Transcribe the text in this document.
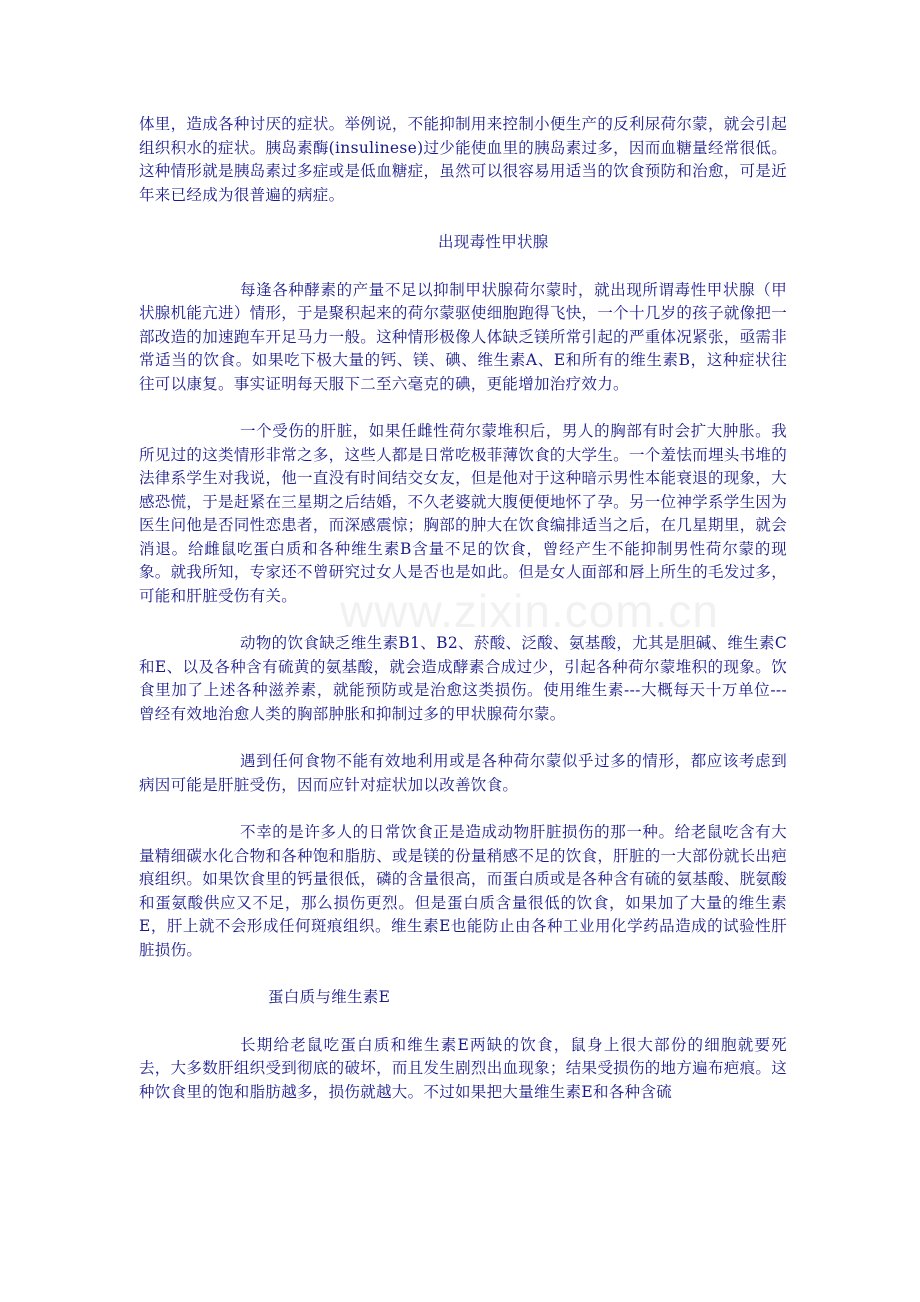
体里，造成各种讨厌的症状。举例说，不能抑制用来控制小便生产的反利尿荷尔蒙，就会引起组织积水的症状。胰岛素酶(insulinese)过少能使血里的胰岛素过多，因而血糖量经常很低。这种情形就是胰岛素过多症或是低血糖症，虽然可以很容易用适当的饮食预防和治愈，可是近年来已经成为很普遍的病症。

出现毒性甲状腺

每逢各种酵素的产量不足以抑制甲状腺荷尔蒙时，就出现所谓毒性甲状腺（甲状腺机能亢进）情形，于是聚积起来的荷尔蒙驱使细胞跑得飞快，一个十几岁的孩子就像把一部改造的加速跑车开足马力一般。这种情形极像人体缺乏镁所常引起的严重体况紧张，亟需非常适当的饮食。如果吃下极大量的钙、镁、碘、维生素A、E和所有的维生素B，这种症状往往可以康复。事实证明每天服下二至六毫克的碘，更能增加治疗效力。

一个受伤的肝脏，如果任雌性荷尔蒙堆积后，男人的胸部有时会扩大肿胀。我所见过的这类情形非常之多，这些人都是日常吃极菲薄饮食的大学生。一个羞怯而埋头书堆的法律系学生对我说，他一直没有时间结交女友，但是他对于这种暗示男性本能衰退的现象，大感恐慌，于是赶紧在三星期之后结婚，不久老婆就大腹便便地怀了孕。另一位神学系学生因为医生问他是否同性恋患者，而深感震惊；胸部的肿大在饮食编排适当之后，在几星期里，就会消退。给雌鼠吃蛋白质和各种维生素B含量不足的饮食，曾经产生不能抑制男性荷尔蒙的现象。就我所知，专家还不曾研究过女人是否也是如此。但是女人面部和唇上所生的毛发过多，可能和肝脏受伤有关。

动物的饮食缺乏维生素B1、B2、菸酸、泛酸、氨基酸，尤其是胆碱、维生素C和E、以及各种含有硫黄的氨基酸，就会造成酵素合成过少，引起各种荷尔蒙堆积的现象。饮食里加了上述各种滋养素，就能预防或是治愈这类损伤。使用维生素---大概每天十万单位---曾经有效地治愈人类的胸部肿胀和抑制过多的甲状腺荷尔蒙。

遇到任何食物不能有效地利用或是各种荷尔蒙似乎过多的情形，都应该考虑到病因可能是肝脏受伤，因而应针对症状加以改善饮食。

不幸的是许多人的日常饮食正是造成动物肝脏损伤的那一种。给老鼠吃含有大量精细碳水化合物和各种饱和脂肪、或是镁的份量稍感不足的饮食，肝脏的一大部份就长出疤痕组织。如果饮食里的钙量很低，磷的含量很高，而蛋白质或是各种含有硫的氨基酸、胱氨酸和蛋氨酸供应又不足，那么损伤更烈。但是蛋白质含量很低的饮食，如果加了大量的维生素E，肝上就不会形成任何斑痕组织。维生素E也能防止由各种工业用化学药品造成的试验性肝脏损伤。

蛋白质与维生素E

长期给老鼠吃蛋白质和维生素E两缺的饮食，鼠身上很大部份的细胞就要死去，大多数肝组织受到彻底的破坏，而且发生剧烈出血现象；结果受损伤的地方遍布疤痕。这种饮食里的饱和脂肪越多，损伤就越大。不过如果把大量维生素E和各种含硫

www.zixin.com.cn
